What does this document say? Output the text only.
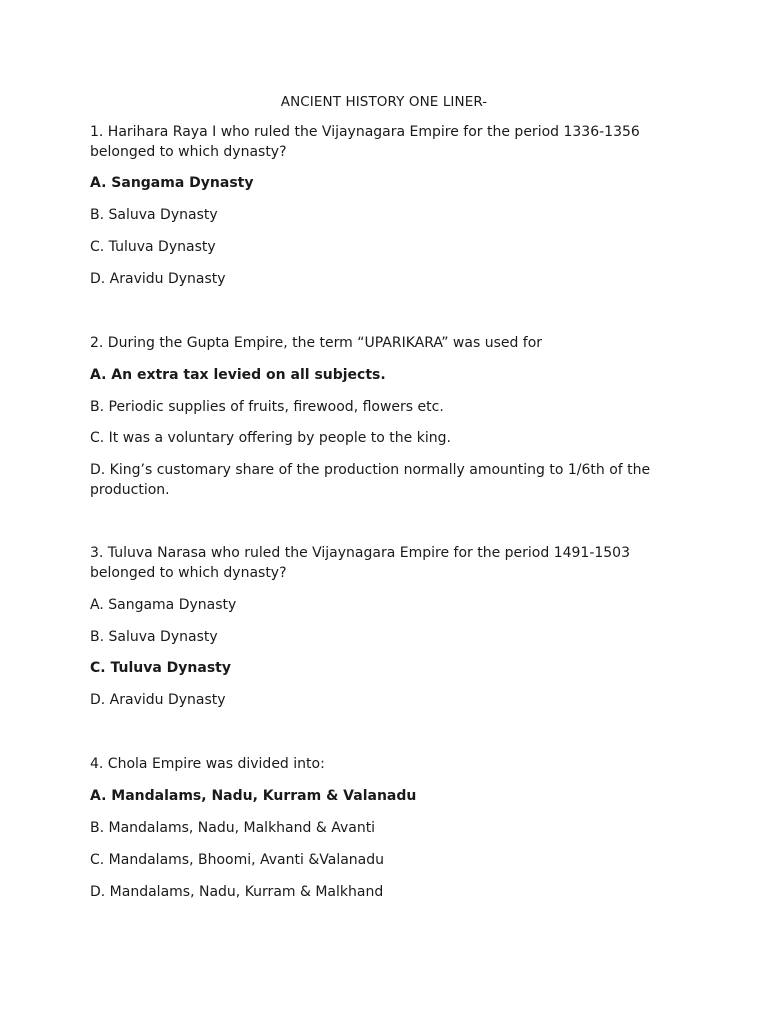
ANCIENT HISTORY ONE LINER-
1. Harihara Raya I who ruled the Vijaynagara Empire for the period 1336-1356
belonged to which dynasty?
A. Sangama Dynasty
B. Saluva Dynasty
C. Tuluva Dynasty
D. Aravidu Dynasty
2. During the Gupta Empire, the term “UPARIKARA” was used for
A. An extra tax levied on all subjects.
B. Periodic supplies of fruits, firewood, flowers etc.
C. It was a voluntary offering by people to the king.
D. King’s customary share of the production normally amounting to 1/6th of the
production.
3. Tuluva Narasa who ruled the Vijaynagara Empire for the period 1491-1503
belonged to which dynasty?
A. Sangama Dynasty
B. Saluva Dynasty
C. Tuluva Dynasty
D. Aravidu Dynasty
4. Chola Empire was divided into:
A. Mandalams, Nadu, Kurram & Valanadu
B. Mandalams, Nadu, Malkhand & Avanti
C. Mandalams, Bhoomi, Avanti &Valanadu
D. Mandalams, Nadu, Kurram & Malkhand
